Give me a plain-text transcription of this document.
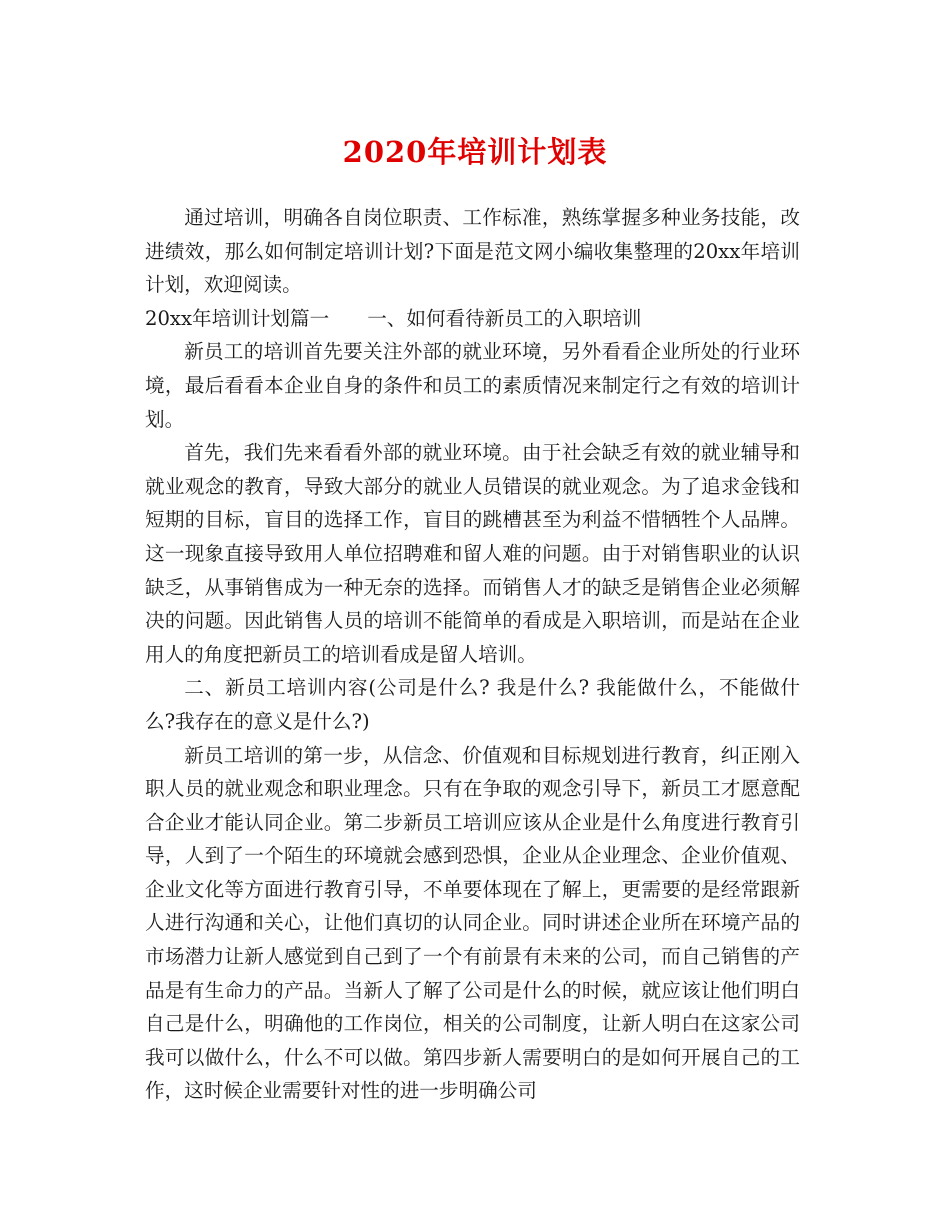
2020年培训计划表

通过培训，明确各自岗位职责、工作标准，熟练掌握多种业务技能，改进绩效，那么如何制定培训计划?下面是范文网小编收集整理的20xx年培训计划，欢迎阅读。

20xx年培训计划篇一 一、如何看待新员工的入职培训

新员工的培训首先要关注外部的就业环境，另外看看企业所处的行业环境，最后看看本企业自身的条件和员工的素质情况来制定行之有效的培训计划。

首先，我们先来看看外部的就业环境。由于社会缺乏有效的就业辅导和就业观念的教育，导致大部分的就业人员错误的就业观念。为了追求金钱和短期的目标，盲目的选择工作，盲目的跳槽甚至为利益不惜牺牲个人品牌。这一现象直接导致用人单位招聘难和留人难的问题。由于对销售职业的认识缺乏，从事销售成为一种无奈的选择。而销售人才的缺乏是销售企业必须解决的问题。因此销售人员的培训不能简单的看成是入职培训，而是站在企业用人的角度把新员工的培训看成是留人培训。

二、新员工培训内容(公司是什么? 我是什么? 我能做什么，不能做什么?我存在的意义是什么?)

新员工培训的第一步，从信念、价值观和目标规划进行教育，纠正刚入职人员的就业观念和职业理念。只有在争取的观念引导下，新员工才愿意配合企业才能认同企业。第二步新员工培训应该从企业是什么角度进行教育引导，人到了一个陌生的环境就会感到恐惧，企业从企业理念、企业价值观、企业文化等方面进行教育引导，不单要体现在了解上，更需要的是经常跟新人进行沟通和关心，让他们真切的认同企业。同时讲述企业所在环境产品的市场潜力让新人感觉到自己到了一个有前景有未来的公司，而自己销售的产品是有生命力的产品。当新人了解了公司是什么的时候，就应该让他们明白自己是什么，明确他的工作岗位，相关的公司制度，让新人明白在这家公司我可以做什么，什么不可以做。第四步新人需要明白的是如何开展自己的工作，这时候企业需要针对性的进一步明确公司
